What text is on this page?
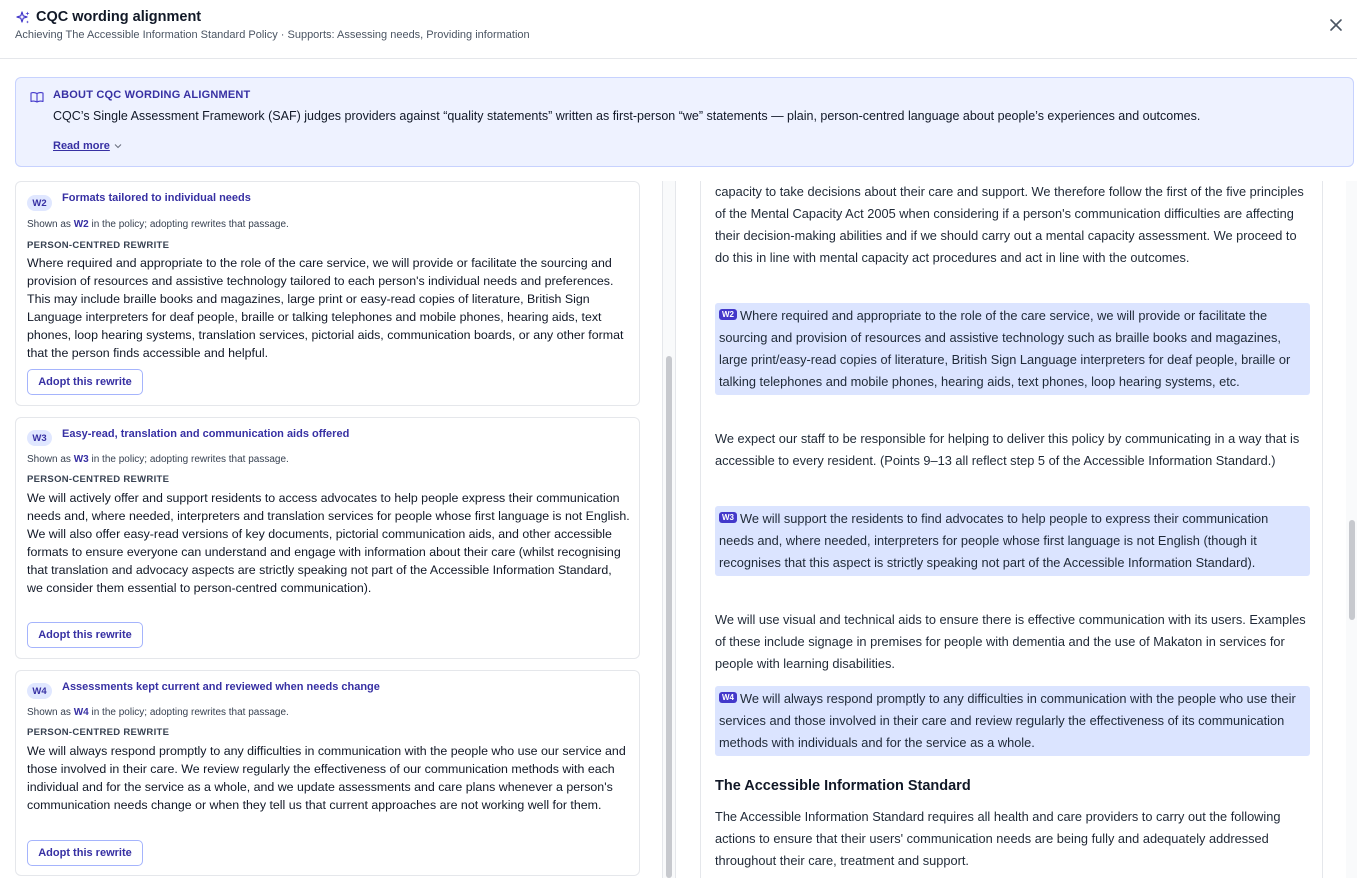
CQC wording alignment
Achieving The Accessible Information Standard Policy · Supports: Assessing needs, Providing information
ABOUT CQC WORDING ALIGNMENT
CQC’s Single Assessment Framework (SAF) judges providers against “quality statements” written as first-person “we” statements — plain, person-centred language about people’s experiences and outcomes.
Read more
W2	Formats tailored to individual needs
Shown as W2 in the policy; adopting rewrites that passage.
PERSON-CENTRED REWRITE
Where required and appropriate to the role of the care service, we will provide or facilitate the sourcing and provision of resources and assistive technology tailored to each person's individual needs and preferences. This may include braille books and magazines, large print or easy-read copies of literature, British Sign Language interpreters for deaf people, braille or talking telephones and mobile phones, hearing aids, text phones, loop hearing systems, translation services, pictorial aids, communication boards, or any other format that the person finds accessible and helpful.
Adopt this rewrite
W3	Easy-read, translation and communication aids offered
Shown as W3 in the policy; adopting rewrites that passage.
PERSON-CENTRED REWRITE
We will actively offer and support residents to access advocates to help people express their communication needs and, where needed, interpreters and translation services for people whose first language is not English. We will also offer easy-read versions of key documents, pictorial communication aids, and other accessible formats to ensure everyone can understand and engage with information about their care (whilst recognising that translation and advocacy aspects are strictly speaking not part of the Accessible Information Standard, we consider them essential to person-centred communication).
Adopt this rewrite
W4	Assessments kept current and reviewed when needs change
Shown as W4 in the policy; adopting rewrites that passage.
PERSON-CENTRED REWRITE
We will always respond promptly to any difficulties in communication with the people who use our service and those involved in their care. We review regularly the effectiveness of our communication methods with each individual and for the service as a whole, and we update assessments and care plans whenever a person's communication needs change or when they tell us that current approaches are not working well for them.
Adopt this rewrite
capacity to take decisions about their care and support. We therefore follow the first of the five principles of the Mental Capacity Act 2005 when considering if a person's communication difficulties are affecting their decision-making abilities and if we should carry out a mental capacity assessment. We proceed to do this in line with mental capacity act procedures and act in line with the outcomes.
W2 Where required and appropriate to the role of the care service, we will provide or facilitate the sourcing and provision of resources and assistive technology such as braille books and magazines, large print/easy-read copies of literature, British Sign Language interpreters for deaf people, braille or talking telephones and mobile phones, hearing aids, text phones, loop hearing systems, etc.
We expect our staff to be responsible for helping to deliver this policy by communicating in a way that is accessible to every resident. (Points 9–13 all reflect step 5 of the Accessible Information Standard.)
W3 We will support the residents to find advocates to help people to express their communication needs and, where needed, interpreters for people whose first language is not English (though it recognises that this aspect is strictly speaking not part of the Accessible Information Standard).
We will use visual and technical aids to ensure there is effective communication with its users. Examples of these include signage in premises for people with dementia and the use of Makaton in services for people with learning disabilities.
W4 We will always respond promptly to any difficulties in communication with the people who use their services and those involved in their care and review regularly the effectiveness of its communication methods with individuals and for the service as a whole.
The Accessible Information Standard
The Accessible Information Standard requires all health and care providers to carry out the following actions to ensure that their users' communication needs are being fully and adequately addressed throughout their care, treatment and support.
